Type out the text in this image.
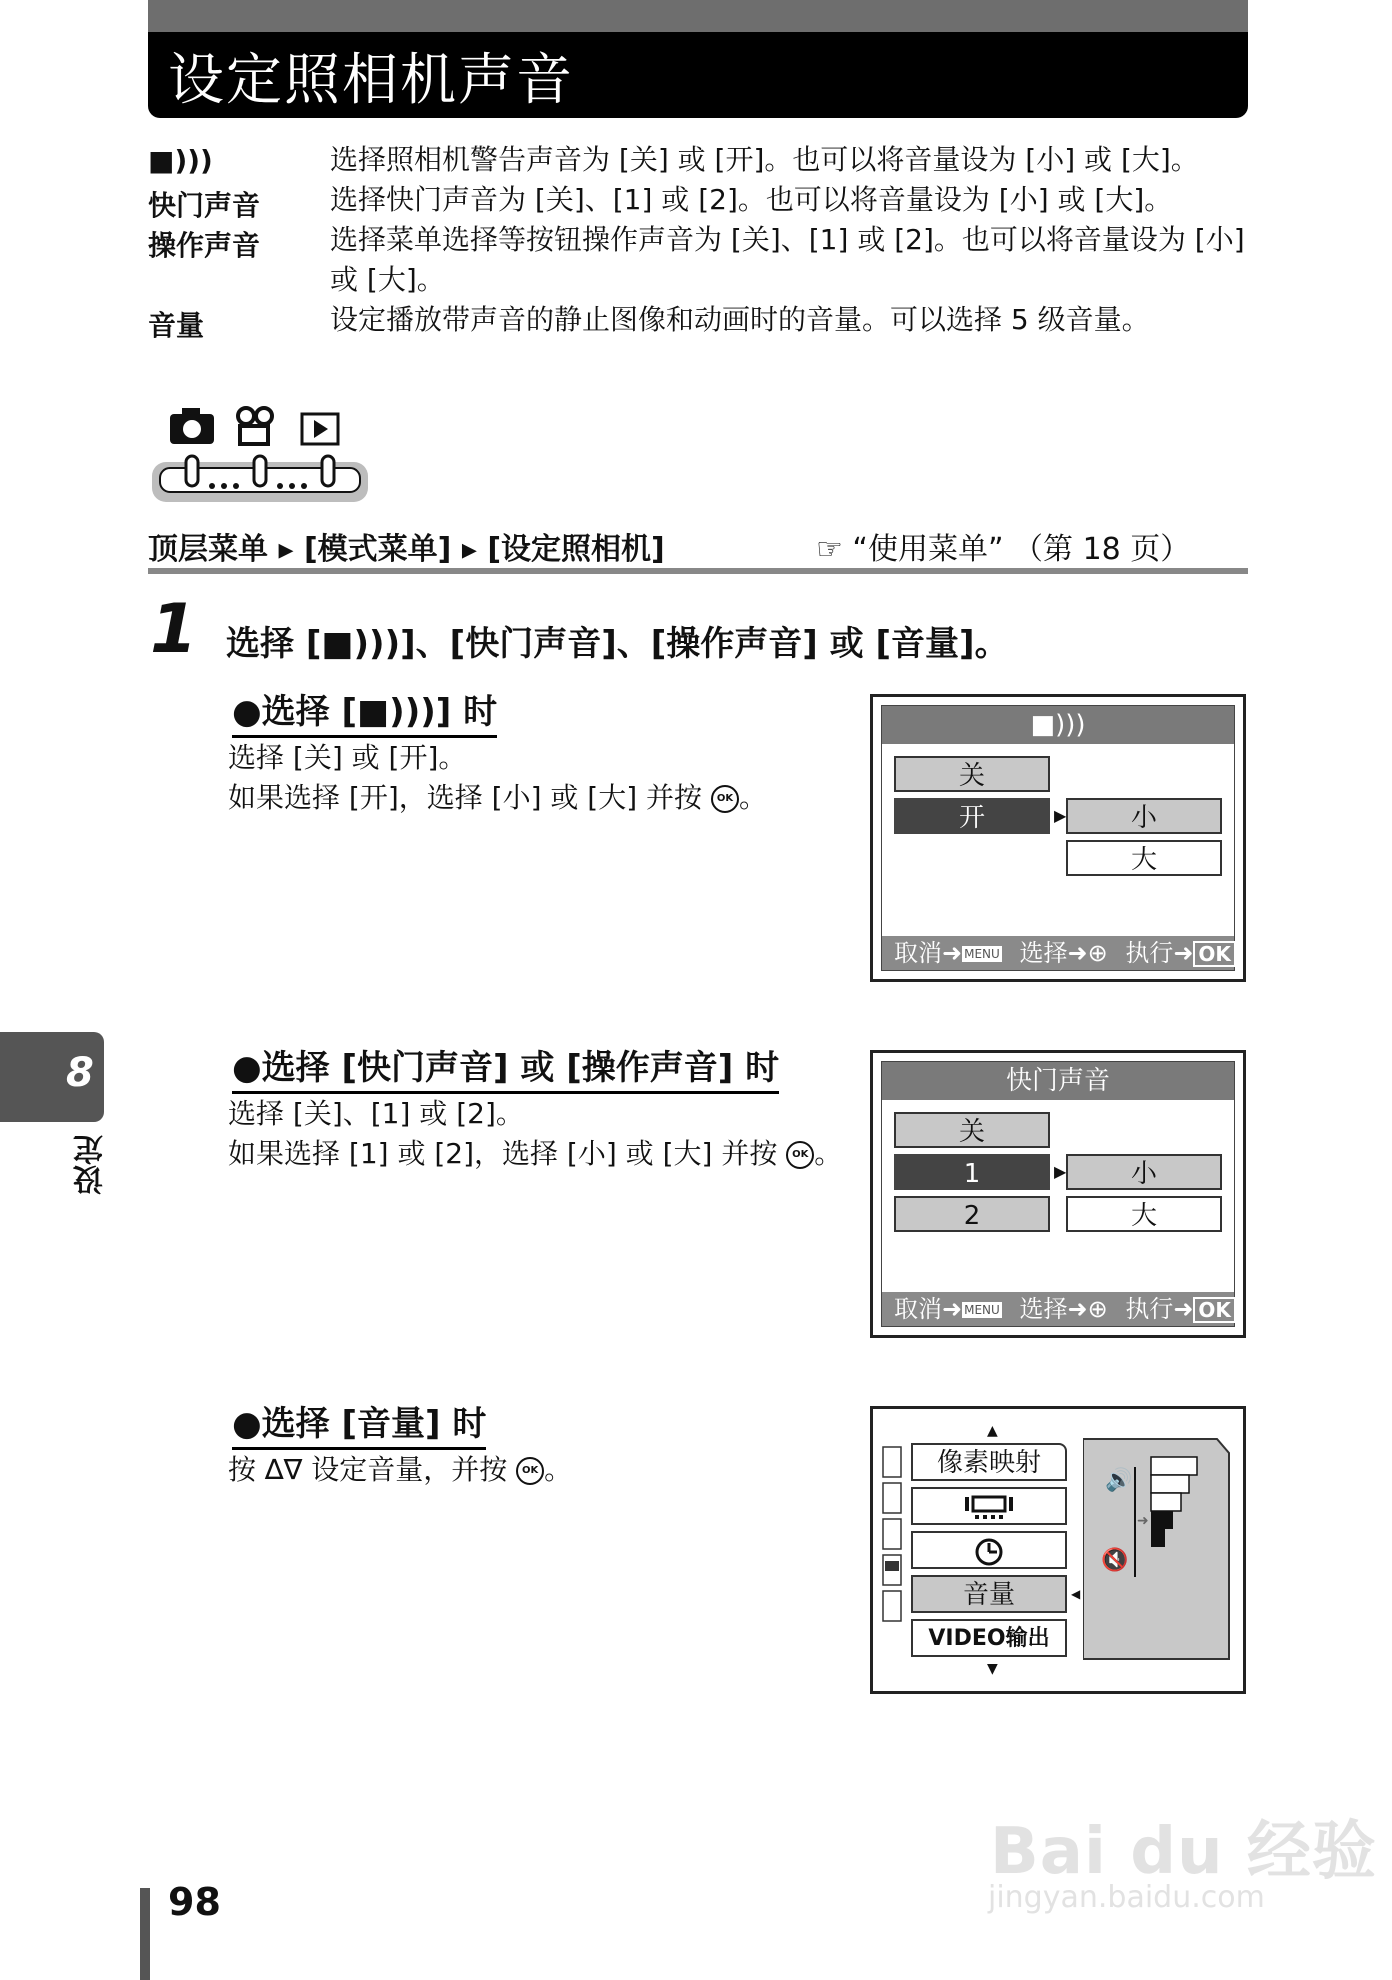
设定照相机声音
■)))	选择照相机警告声音为 [关] 或 [开]。也可以将音量设为 [小] 或 [大]。
快门声音 选择快门声音为 [关]、[1] 或 [2]。也可以将音量设为 [小] 或 [大]。
操作声音 选择菜单选择等按钮操作声音为 [关]、[1] 或 [2]。也可以将音量设为 [小]
或 [大]。
音量	设定播放带声音的静止图像和动画时的音量。可以选择 5 级音量。
顶层菜单 ▸ [模式菜单] ▸ [设定照相机]	☞ “使用菜单” （第 18 页）
1 选择 [■)))]、[快门声音]、[操作声音] 或 [音量]。
●选择 [■)))] 时
选择 [关] 或 [开]。
如果选择 [开]，选择 [小] 或 [大] 并按 OK 。
■)))
关
开	▶	小
大
取消➜ MENU 选择➜⊕ 执行➜ OK
8
设定
●选择 [快门声音] 或 [操作声音] 时
选择 [关]、[1] 或 [2]。
如果选择 [1] 或 [2]，选择 [小] 或 [大] 并按 OK 。
快门声音
关
1
2
▶	小
大
取消➜ MENU 选择➜⊕ 执行➜ OK
●选择 [音量] 时
按 ∆∇ 设定音量，并按 OK 。
▲
像素映射
音量	◀
VIDEO输出
▼
🔊
➜
🔇
98
Bai du 经验
jingyan.baidu.com
